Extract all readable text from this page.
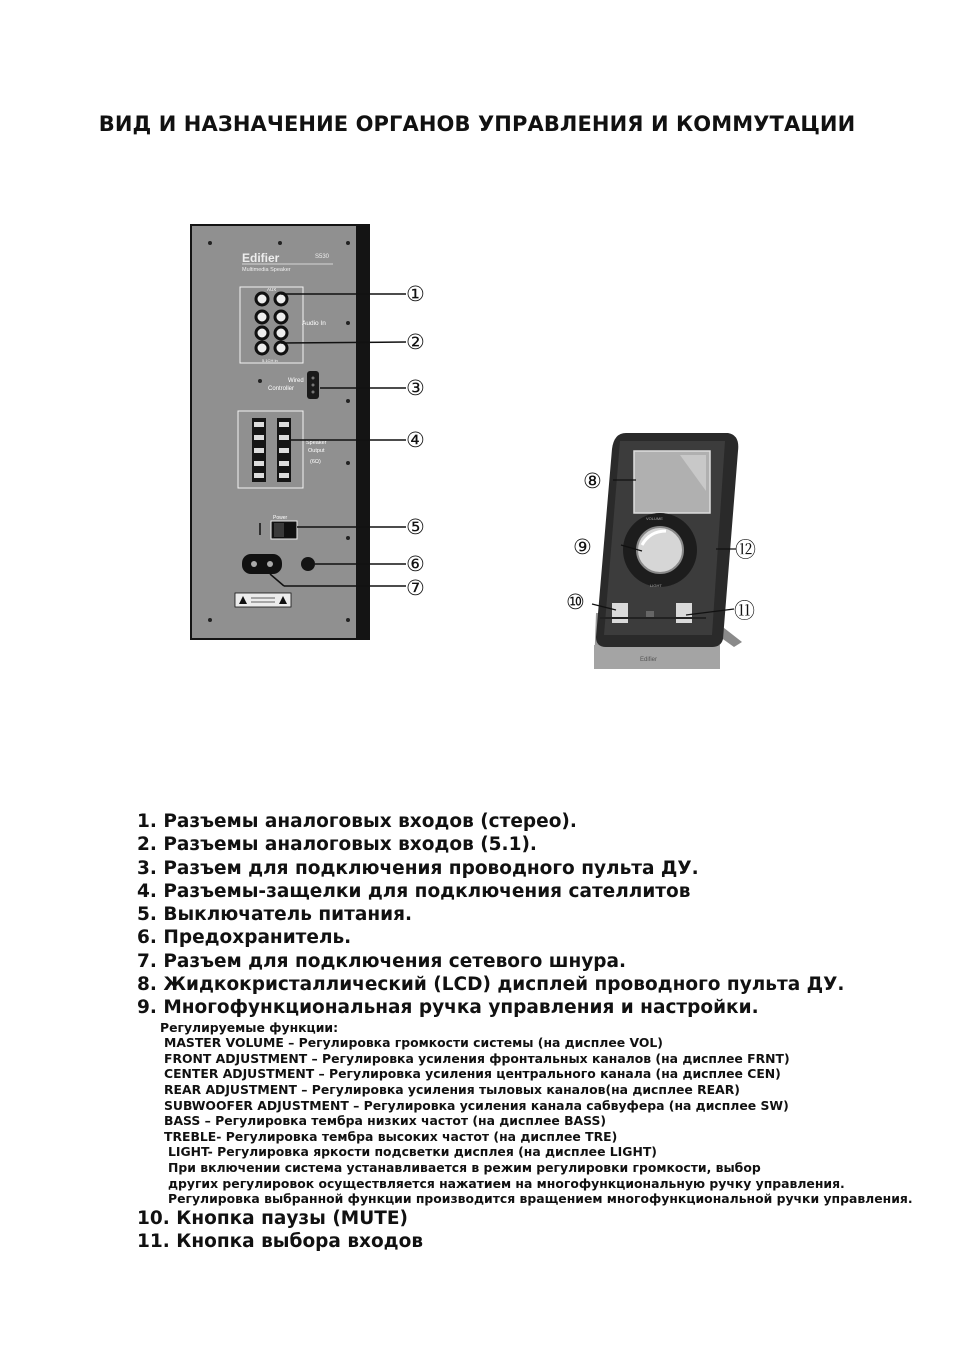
ВИД И НАЗНАЧЕНИЕ ОРГАНОВ УПРАВЛЕНИЯ И КОММУТАЦИИ
Edifier
Multimedia Speaker
S530
AUX
Audio In
5.1CH In
Wired Controller
Speaker Output
(6Ω)
Power
①
②
③
④
⑤
⑥
⑦
Edifier
VOLUME
LIGHT
⑧
⑨	⑫
⑩	⑪
1. Разъемы аналоговых входов (стерео).
2. Разъемы аналоговых входов (5.1).
3. Разъем для подключения проводного пульта ДУ.
4. Разъемы-защелки для подключения сателлитов
5. Выключатель питания.
6. Предохранитель.
7. Разъем для подключения сетевого шнура.
8. Жидкокристаллический (LCD) дисплей проводного пульта ДУ.
9. Многофункциональная ручка управления и настройки.
Регулируемые функции:
MASTER VOLUME – Регулировка громкости системы (на дисплее VOL)
FRONT ADJUSTMENT – Регулировка усиления фронтальных каналов (на дисплее FRNT)
CENTER ADJUSTMENT – Регулировка усиления центрального канала (на дисплее CEN)
REAR ADJUSTMENT – Регулировка усиления тыловых каналов(на дисплее REAR)
SUBWOOFER ADJUSTMENT – Регулировка усиления канала сабвуфера (на дисплее SW)
BASS – Регулировка тембра низких частот (на дисплее BASS)
TREBLE- Регулировка тембра высоких частот (на дисплее TRE)
LIGHT- Регулировка яркости подсветки дисплея (на дисплее LIGHT)
При включении система устанавливается в режим регулировки громкости, выбор
других регулировок осуществляется нажатием на многофункциональную ручку управления.
Регулировка выбранной функции производится вращением многофункциональной ручки управления.
10. Кнопка паузы (MUTE)
11. Кнопка выбора входов
